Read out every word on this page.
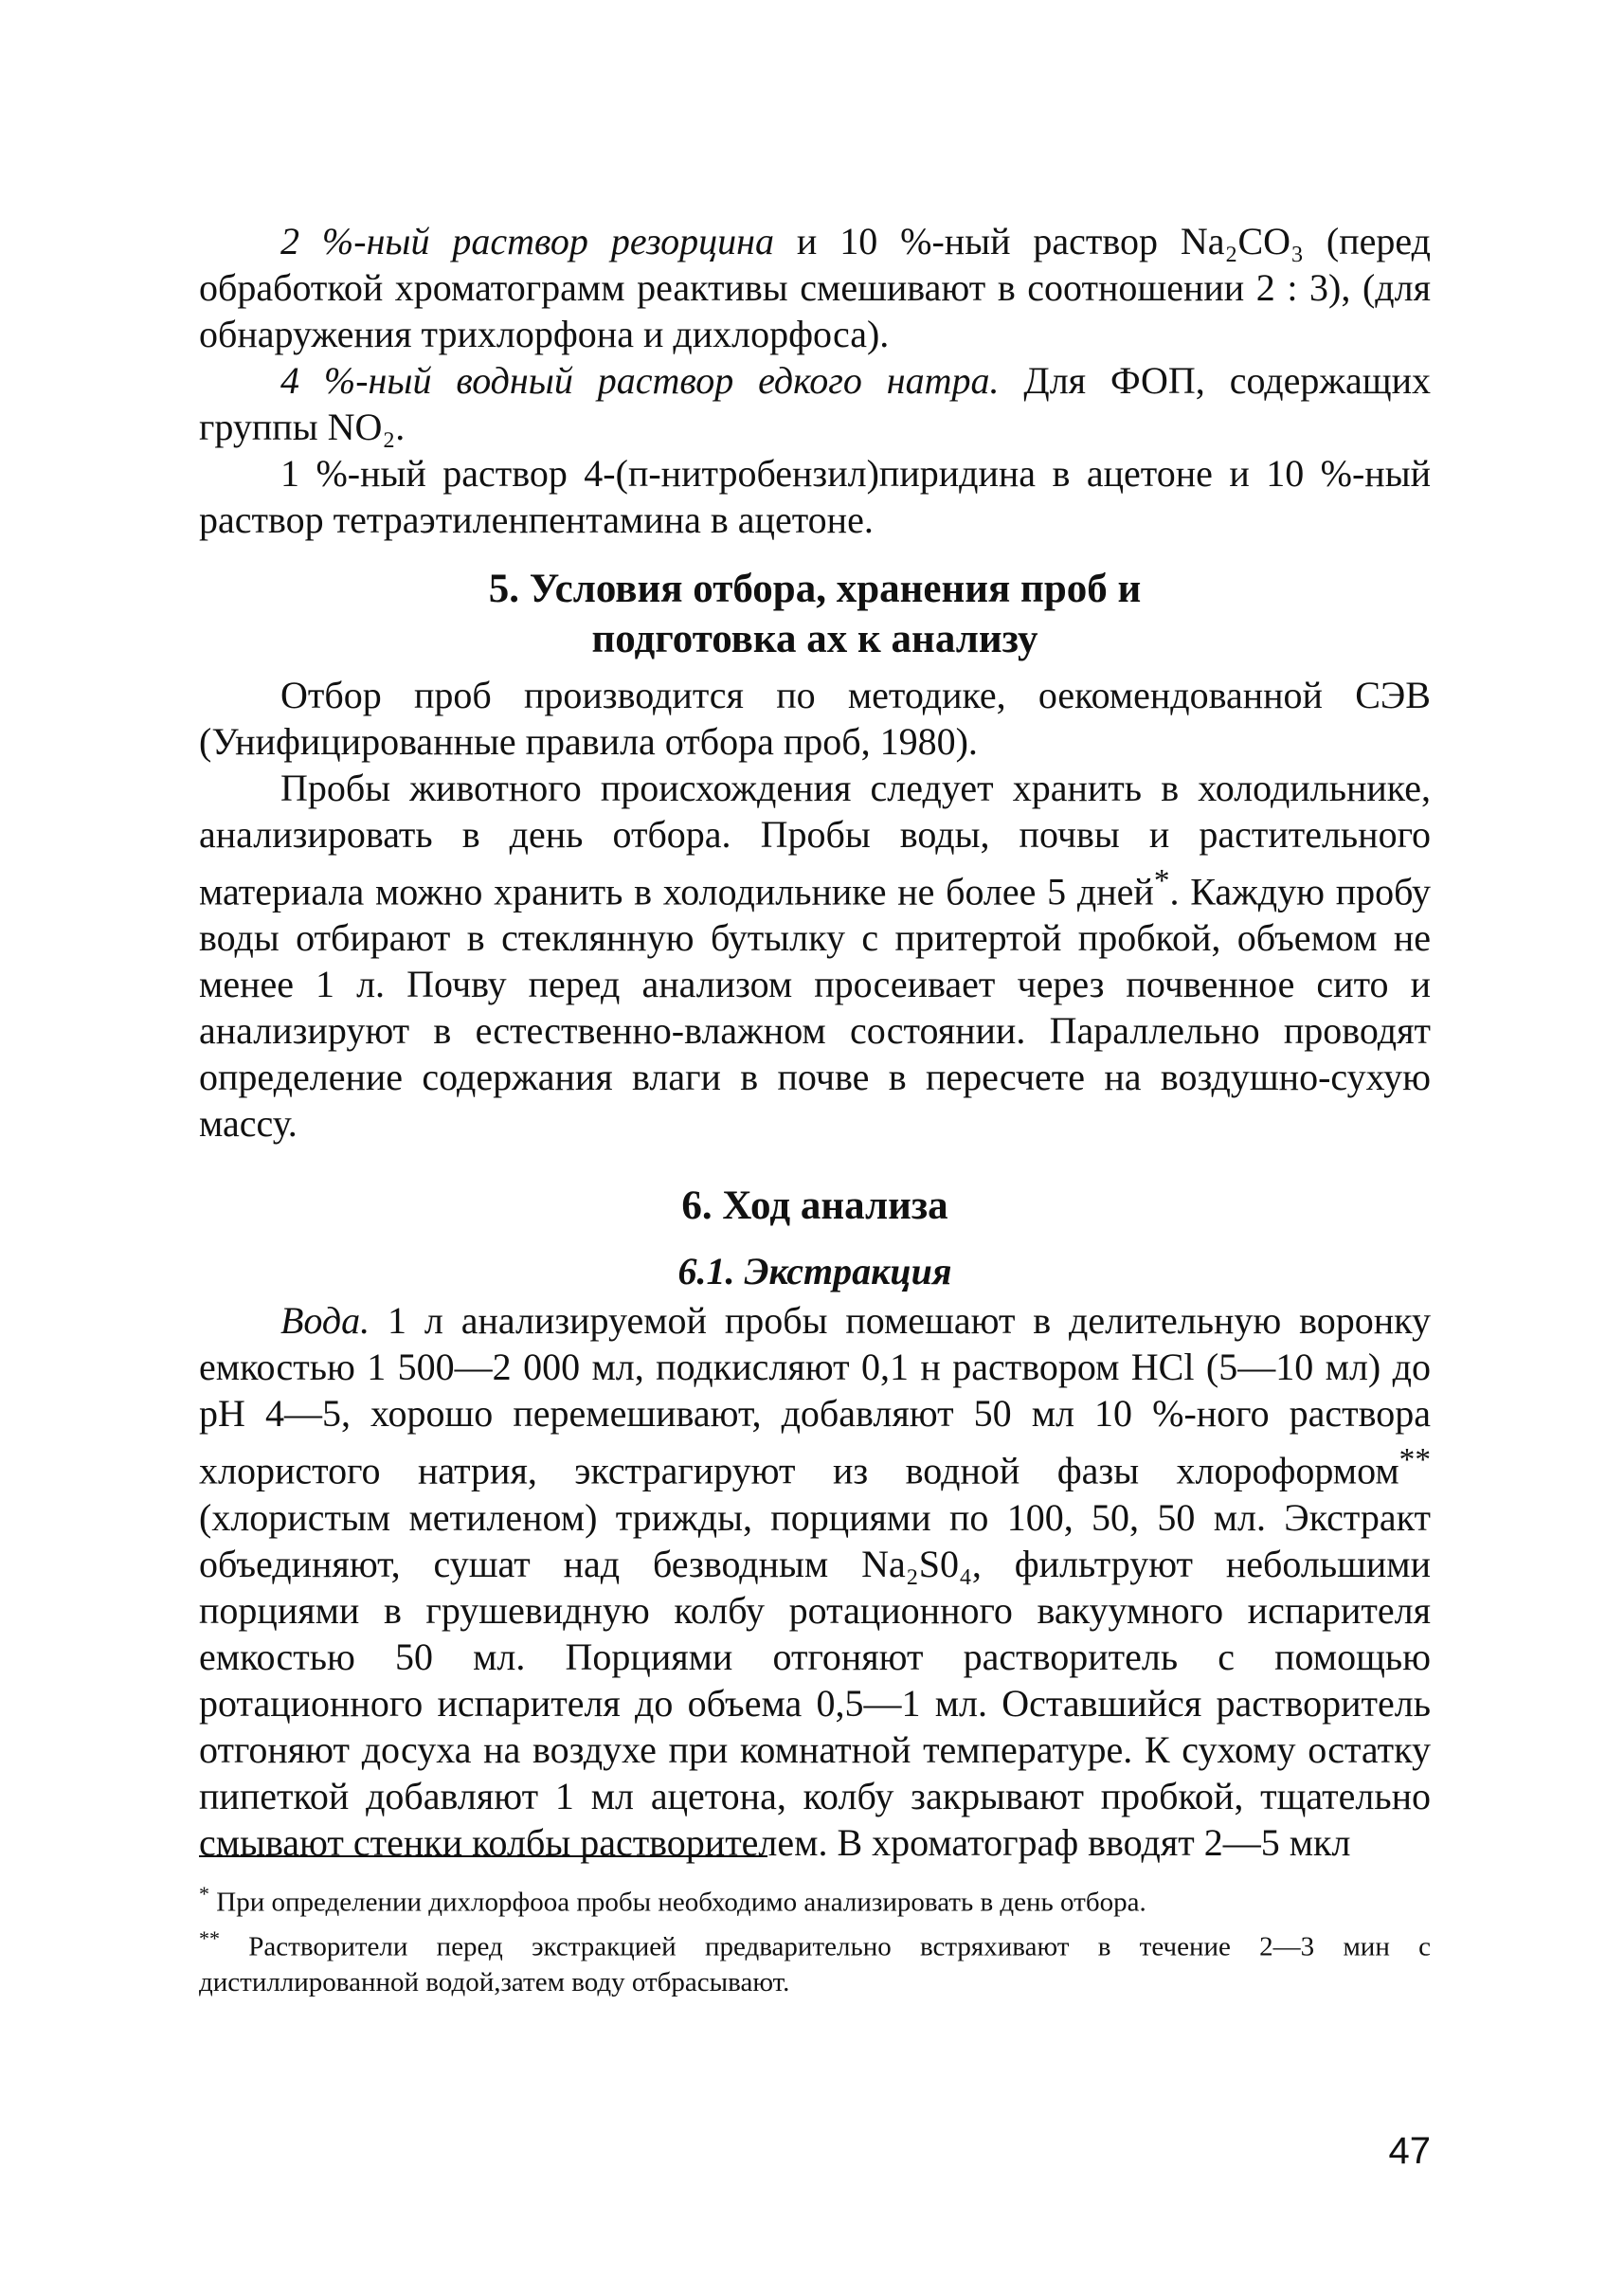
2 %-ный раствор резорцина и 10 %-ный раствор Na₂CO₃ (перед обработкой хроматограмм реактивы смешивают в соотношении 2 : 3), (для обнаружения трихлорфона и дихлорфоса).

4 %-ный водный раствор едкого натра. Для ФОП, содержащих группы NO₂.

1 %-ный раствор 4-(п-нитробензил)пиридина в ацетоне и 10 %-ный раствор тетраэтиленпентамина в ацетоне.

5. Условия отбора, хранения проб и
подготовка ах к анализу

Отбор проб производится по методике, оекомендованной СЭВ (Унифицированные правила отбора проб, 1980).

Пробы животного происхождения следует хранить в холодильнике, анализировать в день отбора. Пробы воды, почвы и растительного материала можно хранить в холодильнике не более 5 дней*. Каждую пробу воды отбирают в стеклянную бутылку с притертой пробкой, объемом не менее 1 л. Почву перед анализом просеивает через почвенное сито и анализируют в естественно-влажном состоянии. Параллельно проводят определение содержания влаги в почве в пересчете на воздушно-сухую массу.

6. Ход анализа
6.1. Экстракция

Вода. 1 л анализируемой пробы помешают в делительную воронку емкостью 1 500—2 000 мл, подкисляют 0,1 н раствором HCl (5—10 мл) до pH 4—5, хорошо перемешивают, добавляют 50 мл 10 %-ного раствора хлористого натрия, экстрагируют из водной фазы хлороформом** (хлористым метиленом) трижды, порциями по 100, 50, 50 мл. Экстракт объединяют, сушат над безводным Na₂S0₄, фильтруют небольшими порциями в грушевидную колбу ротационного вакуумного испарителя емкостью 50 мл. Порциями отгоняют растворитель с помощью ротационного испарителя до объема 0,5—1 мл. Оставшийся растворитель отгоняют досуха на воздухе при комнатной температуре. К сухому остатку пипеткой добавляют 1 мл ацетона, колбу закрывают пробкой, тщательно смывают стенки колбы растворителем. В хроматограф вводят 2—5 мкл

* При определении дихлорфооа пробы необходимо анализировать в день отбора.

** Растворители перед экстракцией предварительно встряхивают в течение 2—3 мин с дистиллированной водой,затем воду отбрасывают.

47
